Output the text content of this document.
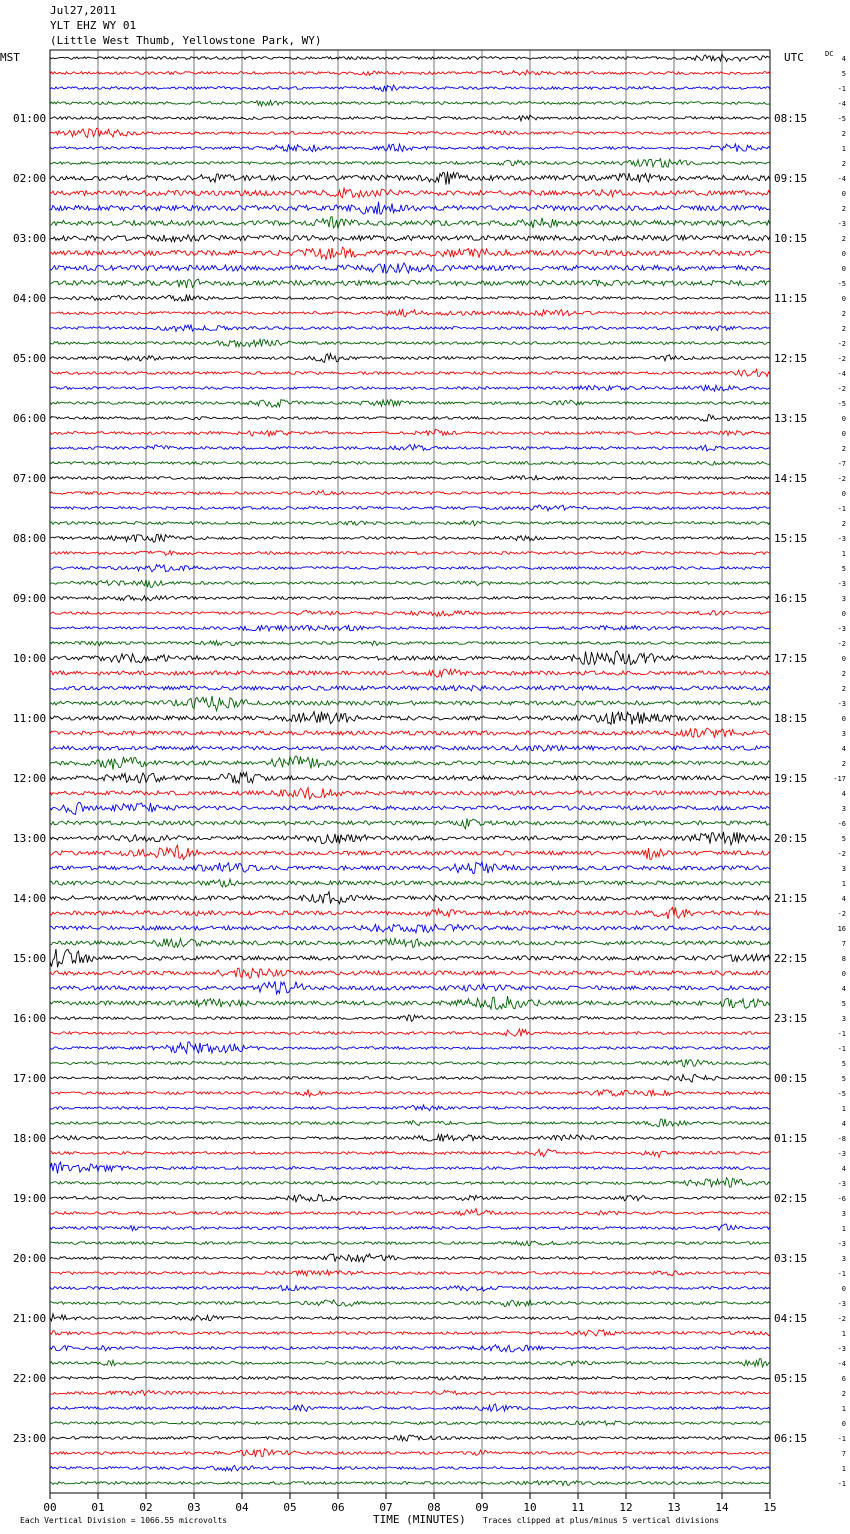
Jul27,2011
YLT EHZ WY 01
(Little West Thumb, Yellowstone Park, WY)
00	01	02	03	04	05	06	07	08	09	10	11	12	13	14	15
MST	UTC
01:00
02:00
03:00
04:00
05:00
06:00
07:00
08:00
09:00
10:00
11:00
12:00
13:00
14:00
15:00
16:00
17:00
18:00
19:00
20:00
21:00
22:00
23:00
08:15
09:15
10:15
11:15
12:15
13:15
14:15
15:15
16:15
17:15
18:15
19:15
20:15
21:15
22:15
23:15
00:15
01:15
02:15
03:15
04:15
05:15
06:15
DC
4
5
-1
-4
-5
2
1
2
-4
0
2
-3
2
0
0
-5
0
2
2
-2
-2
-4
-2
-5
0
0
2
-7
-2
0
-1
2
-3
1
5
-3
3
0
-3
-2
0
2
2
-3
0
3
4
2
-17
4
3
-6
5
-2
3
1
4
-2
16
7
8
0
4
5
3
-1
-1
5
5
-5
1
4
-8
-3
4
-3
-6
3
1
-3
3
-1
0
-3
-2
1
-3
-4
6
2
1
0
-1
7
1
-1
Each Vertical Division = 1066.55 microvolts	TIME (MINUTES) Traces clipped at plus/minus 5 vertical divisions
